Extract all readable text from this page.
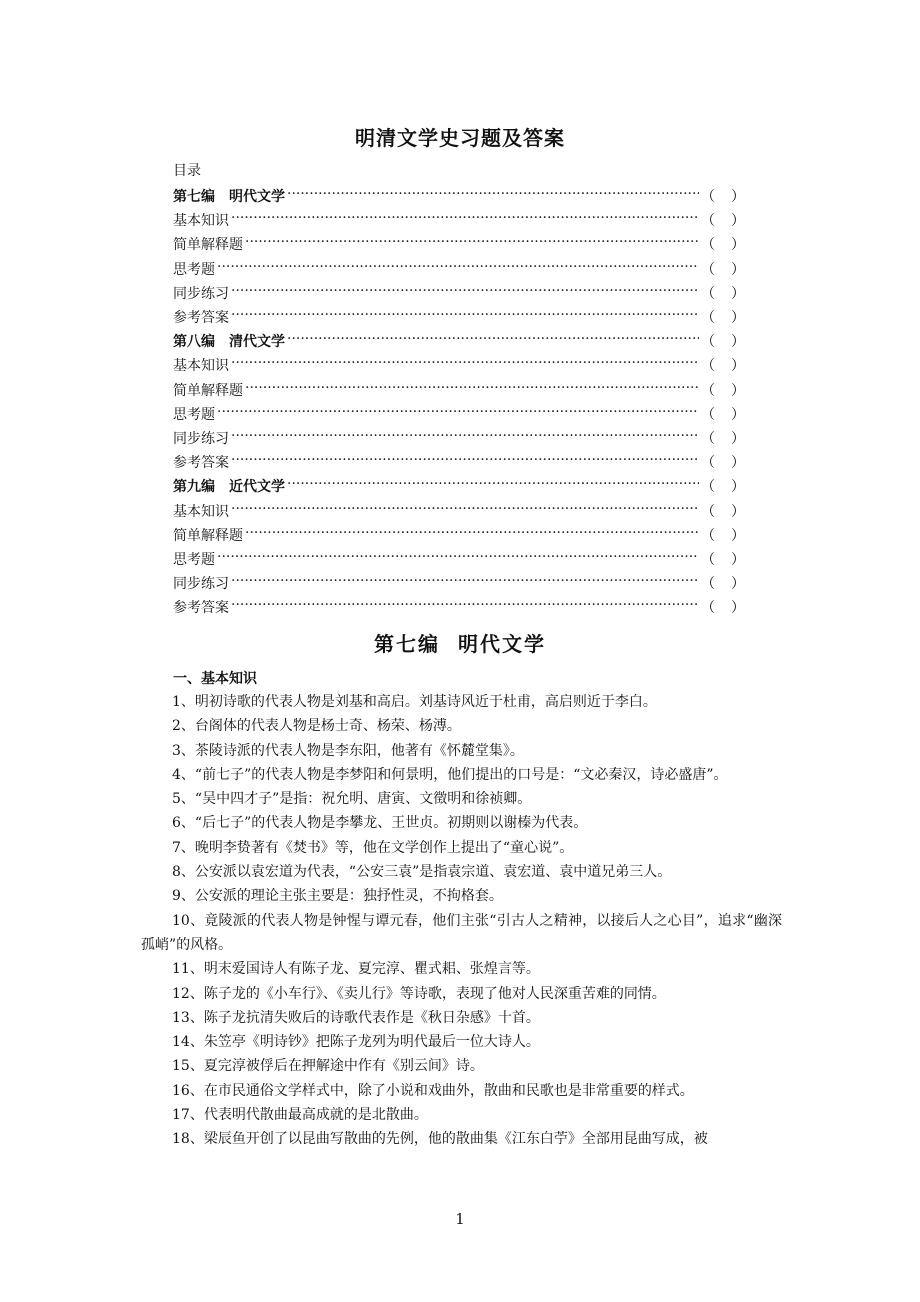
明清文学史习题及答案
目录
第七编　明代文学 ·····	（ ）
基本知识 ·····	（ ）
简单解释题 ·····	（ ）
思考题 ·····	（ ）
同步练习 ·····	（ ）
参考答案 ·····	（ ）
第八编　清代文学 ·····	（ ）
基本知识 ·····	（ ）
简单解释题 ·····	（ ）
思考题 ·····	（ ）
同步练习 ·····	（ ）
参考答案 ·····	（ ）
第九编　近代文学 ·····	（ ）
基本知识 ·····	（ ）
简单解释题 ·····	（ ）
思考题 ·····	（ ）
同步练习 ·····	（ ）
参考答案 ·····	（ ）
第七编 明代文学
一、基本知识

1、明初诗歌的代表人物是刘基和高启。刘基诗风近于杜甫，高启则近于李白。

2、台阁体的代表人物是杨士奇、杨荣、杨溥。

3、茶陵诗派的代表人物是李东阳，他著有《怀麓堂集》。

4、“前七子”的代表人物是李梦阳和何景明，他们提出的口号是：“文必秦汉，诗必盛唐”。

5、“吴中四才子”是指：祝允明、唐寅、文徵明和徐祯卿。

6、“后七子”的代表人物是李攀龙、王世贞。初期则以谢榛为代表。

7、晚明李贽著有《焚书》等，他在文学创作上提出了“童心说”。

8、公安派以袁宏道为代表，“公安三袁”是指袁宗道、袁宏道、袁中道兄弟三人。

9、公安派的理论主张主要是：独抒性灵，不拘格套。

10、竟陵派的代表人物是钟惺与谭元春，他们主张“引古人之精神，以接后人之心目”，追求“幽深孤峭”的风格。

11、明末爱国诗人有陈子龙、夏完淳、瞿式耜、张煌言等。

12、陈子龙的《小车行》、《卖儿行》等诗歌，表现了他对人民深重苦难的同情。

13、陈子龙抗清失败后的诗歌代表作是《秋日杂感》十首。

14、朱笠亭《明诗钞》把陈子龙列为明代最后一位大诗人。

15、夏完淳被俘后在押解途中作有《别云间》诗。

16、在市民通俗文学样式中，除了小说和戏曲外，散曲和民歌也是非常重要的样式。

17、代表明代散曲最高成就的是北散曲。

18、梁辰鱼开创了以昆曲写散曲的先例，他的散曲集《江东白苧》全部用昆曲写成，被

1
